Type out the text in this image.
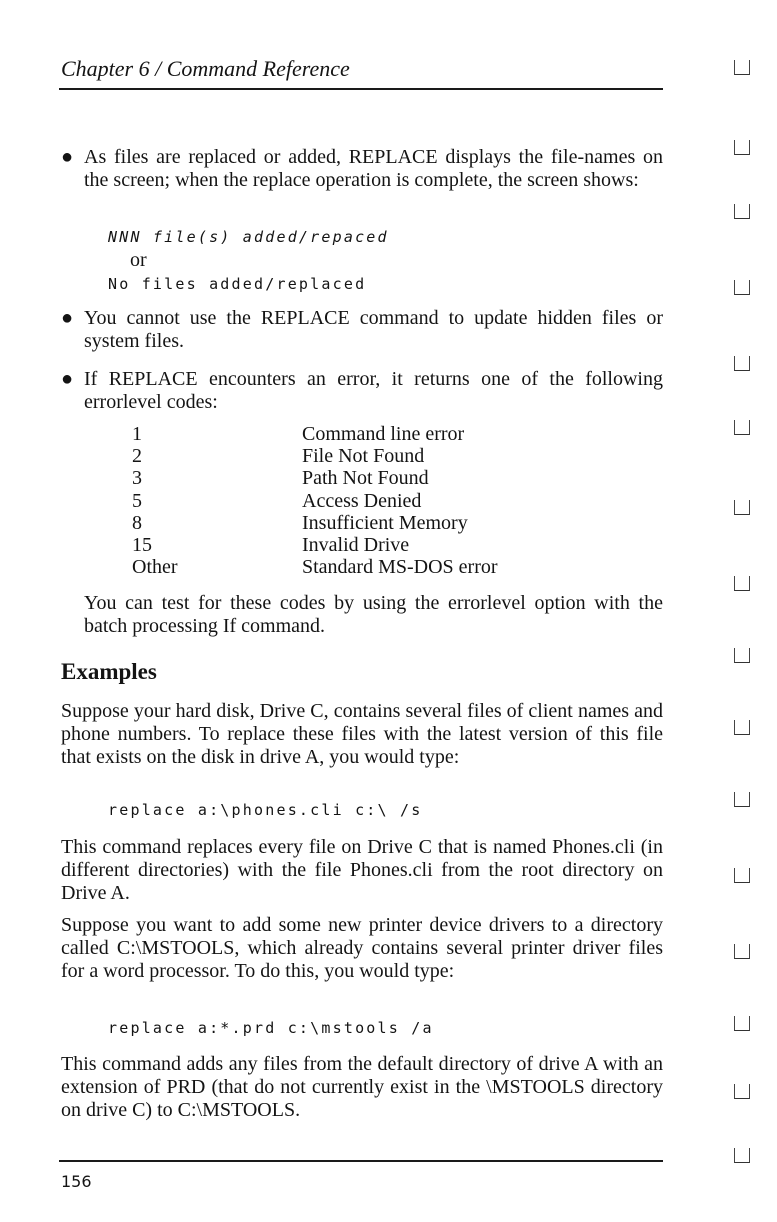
Chapter 6 / Command Reference
● As files are replaced or added, REPLACE displays the file-names on the screen; when the replace operation is complete, the screen shows:
NNN file(s) added/repaced
or
No files added/replaced
● You cannot use the REPLACE command to update hidden files or system files.
● If REPLACE encounters an error, it returns one of the following errorlevel codes:
1	Command line error
2	File Not Found
3	Path Not Found
5	Access Denied
8	Insufficient Memory
15	Invalid Drive
Other	Standard MS-DOS error
You can test for these codes by using the errorlevel option with the batch processing If command.
Examples
Suppose your hard disk, Drive C, contains several files of client names and phone numbers. To replace these files with the latest version of this file that exists on the disk in drive A, you would type:
replace a:\phones.cli c:\ /s
This command replaces every file on Drive C that is named Phones.cli (in different directories) with the file Phones.cli from the root directory on Drive A.
Suppose you want to add some new printer device drivers to a directory called C:\MSTOOLS, which already contains several printer driver files for a word processor. To do this, you would type:
replace a:*.prd c:\mstools /a
This command adds any files from the default directory of drive A with an extension of PRD (that do not currently exist in the \MSTOOLS directory on drive C) to C:\MSTOOLS.
156
